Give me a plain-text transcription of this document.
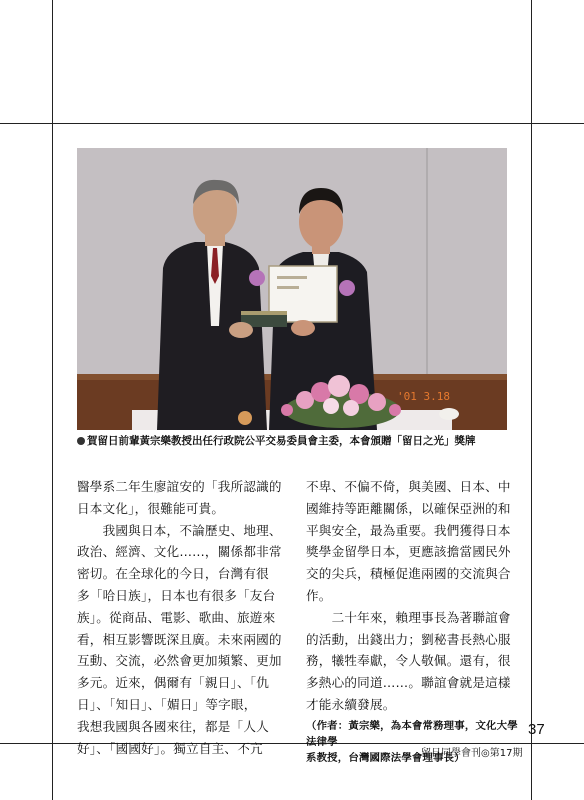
'01 3.18
賀留日前輩黃宗樂教授出任行政院公平交易委員會主委，本會頒贈「留日之光」獎牌

醫學系二年生廖誼安的「我所認識的

日本文化」，很難能可貴。

　　我國與日本，不論歷史、地理、

政治、經濟、文化……，關係都非常

密切。在全球化的今日，台灣有很

多「哈日族」，日本也有很多「友台

族」。從商品、電影、歌曲、旅遊來

看，相互影響既深且廣。未來兩國的

互動、交流，必然會更加頻繁、更加

多元。近來，偶爾有「親日」、「仇

日」、「知日」、「媚日」等字眼，

我想我國與各國來往，都是「人人

好」、「國國好」。獨立自主、不亢

不卑、不偏不倚，與美國、日本、中

國維持等距離關係，以確保亞洲的和

平與安全，最為重要。我們獲得日本

獎學金留學日本，更應該擔當國民外

交的尖兵，積極促進兩國的交流與合

作。

　　二十年來，賴理事長為著聯誼會

的活動，出錢出力；劉秘書長熱心服

務，犧牲奉獻，令人敬佩。還有，很

多熱心的同道……。聯誼會就是這樣

才能永續發展。

（作者：黃宗樂，為本會常務理事，文化大學法律學
系教授，台灣國際法學會理事長）
37
留日同學會刊◎第17期
